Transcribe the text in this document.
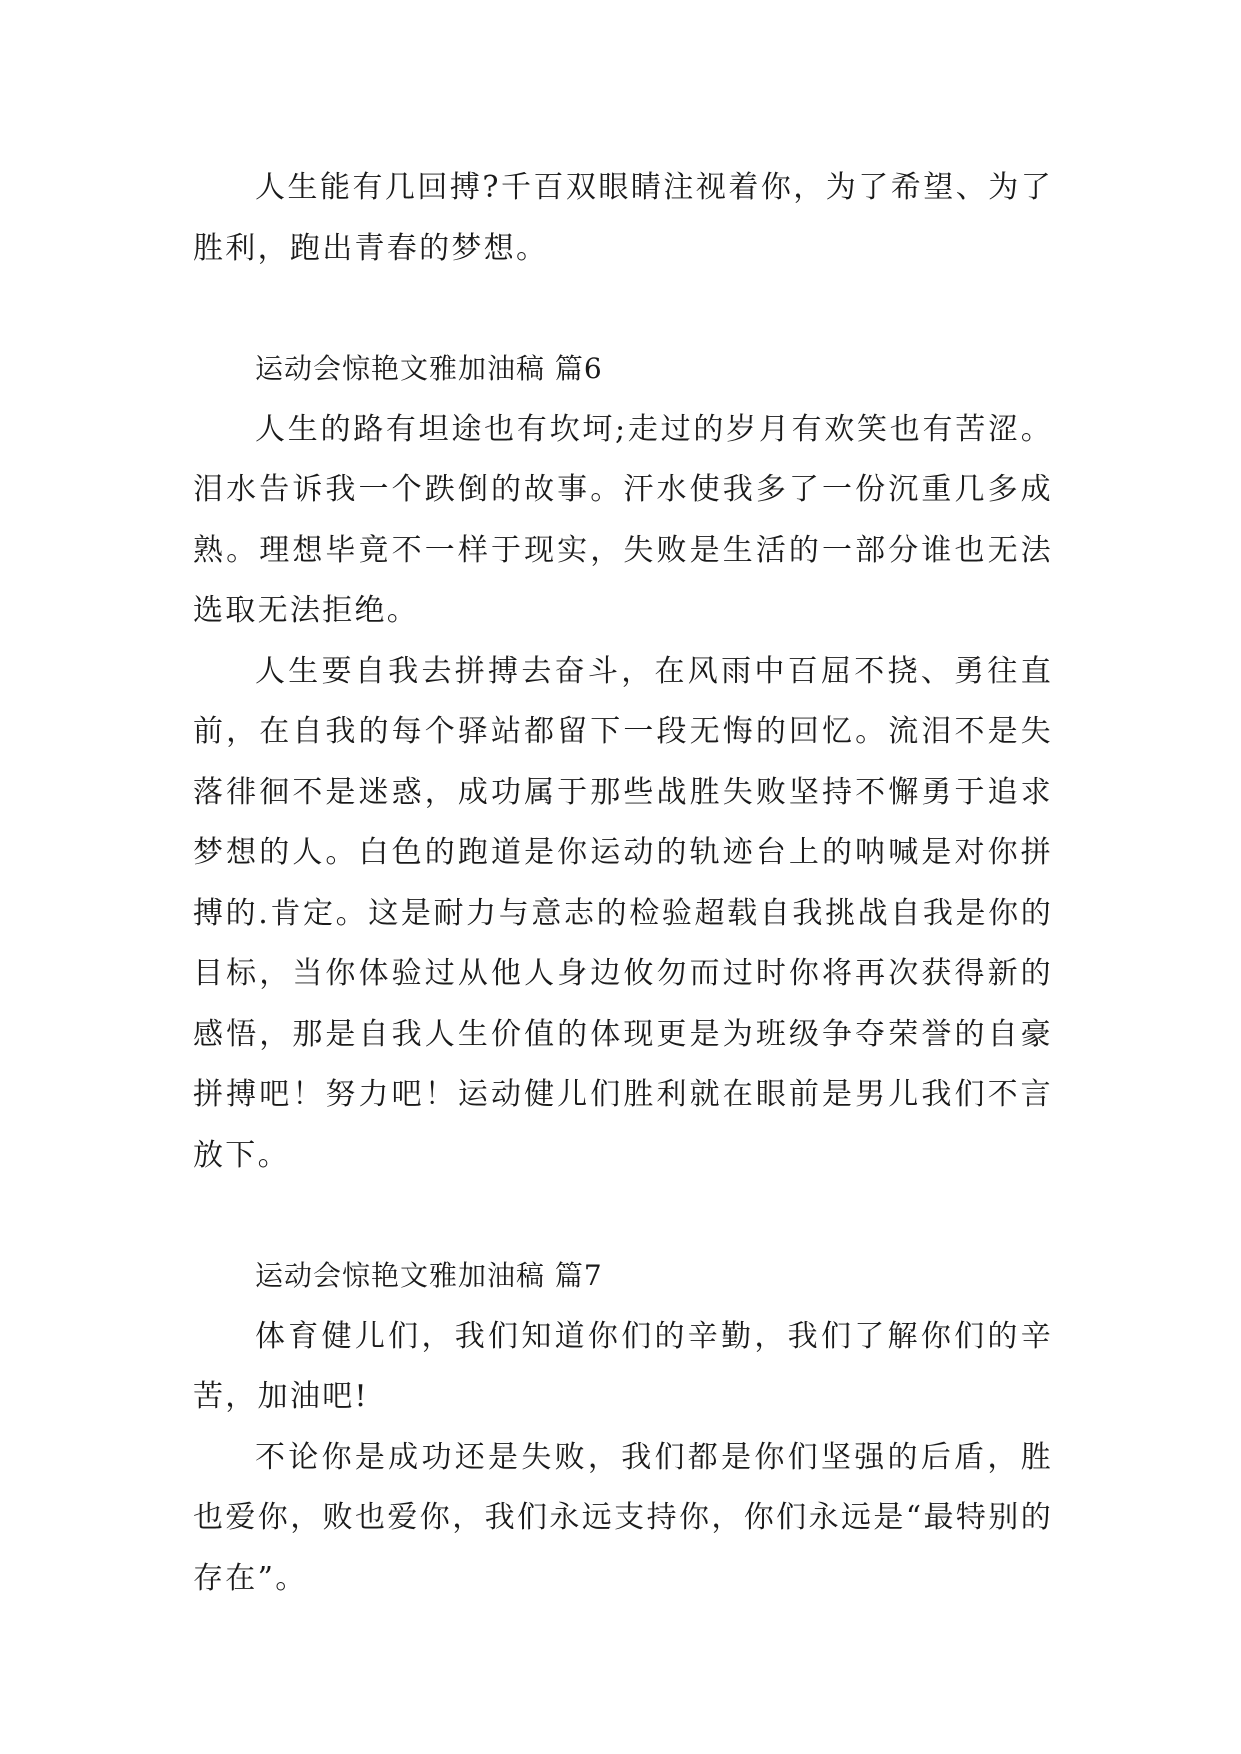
人生能有几回搏?千百双眼睛注视着你，为了希望、为了胜利，跑出青春的梦想。

运动会惊艳文雅加油稿 篇6

人生的路有坦途也有坎坷;走过的岁月有欢笑也有苦涩。泪水告诉我一个跌倒的故事。汗水使我多了一份沉重几多成熟。理想毕竟不一样于现实，失败是生活的一部分谁也无法选取无法拒绝。

人生要自我去拼搏去奋斗，在风雨中百屈不挠、勇往直前，在自我的每个驿站都留下一段无悔的回忆。流泪不是失落徘徊不是迷惑，成功属于那些战胜失败坚持不懈勇于追求梦想的人。白色的跑道是你运动的轨迹台上的呐喊是对你拼搏的.肯定。这是耐力与意志的检验超载自我挑战自我是你的目标，当你体验过从他人身边攸勿而过时你将再次获得新的感悟，那是自我人生价值的体现更是为班级争夺荣誉的自豪拼搏吧！努力吧！运动健儿们胜利就在眼前是男儿我们不言放下。

运动会惊艳文雅加油稿 篇7

体育健儿们，我们知道你们的辛勤，我们了解你们的辛苦，加油吧!

不论你是成功还是失败，我们都是你们坚强的后盾，胜也爱你，败也爱你，我们永远支持你，你们永远是“最特别的存在”。
